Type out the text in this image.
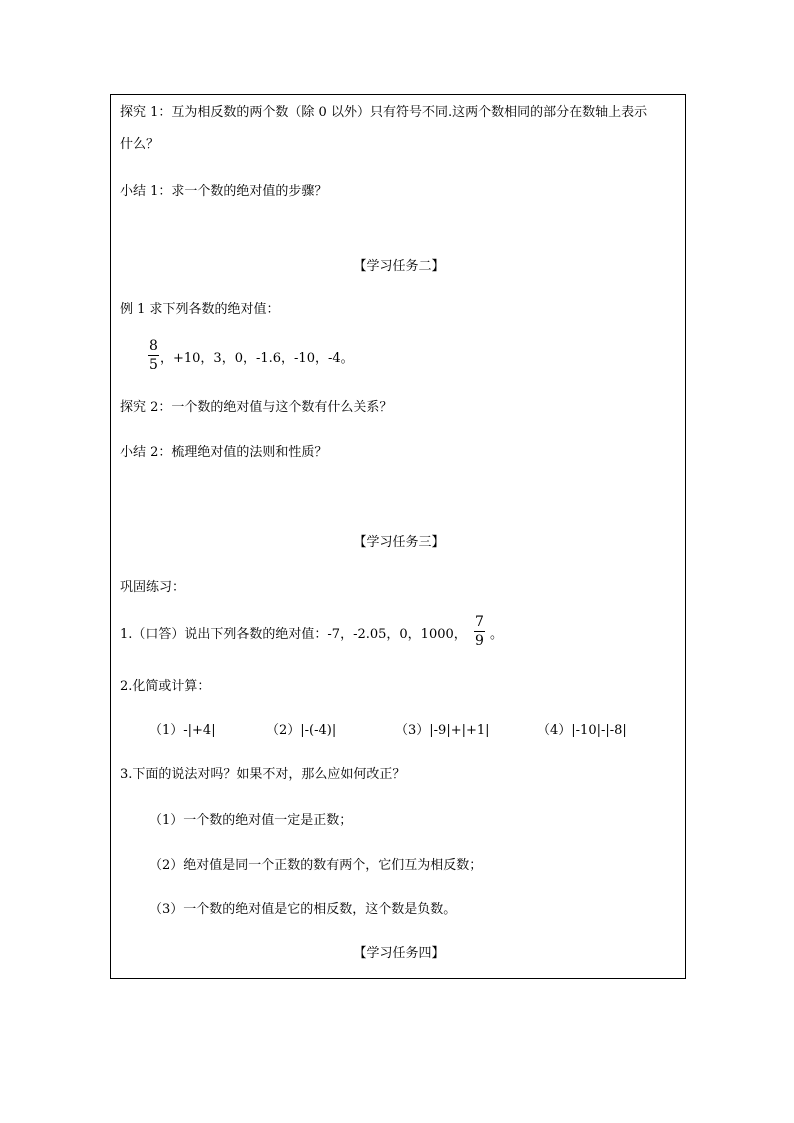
探究 1：互为相反数的两个数（除 0 以外）只有符号不同.这两个数相同的部分在数轴上表示
什么？
小结 1：求一个数的绝对值的步骤？
【学习任务二】
例 1 求下列各数的绝对值：
8
5 ，+10，3，0，-1.6，-10，-4。
探究 2：一个数的绝对值与这个数有什么关系？
小结 2：梳理绝对值的法则和性质？
【学习任务三】
巩固练习：
1.（口答）说出下列各数的绝对值：-7，-2.05，0，1000，
7
9 。
2.化简或计算：
（1）-|+4|	（2）|-(-4)|	（3）|-9|+|+1|	（4）|-10|-|-8|
3.下面的说法对吗？如果不对，那么应如何改正？
（1）一个数的绝对值一定是正数；
（2）绝对值是同一个正数的数有两个，它们互为相反数；
（3）一个数的绝对值是它的相反数，这个数是负数。
【学习任务四】
